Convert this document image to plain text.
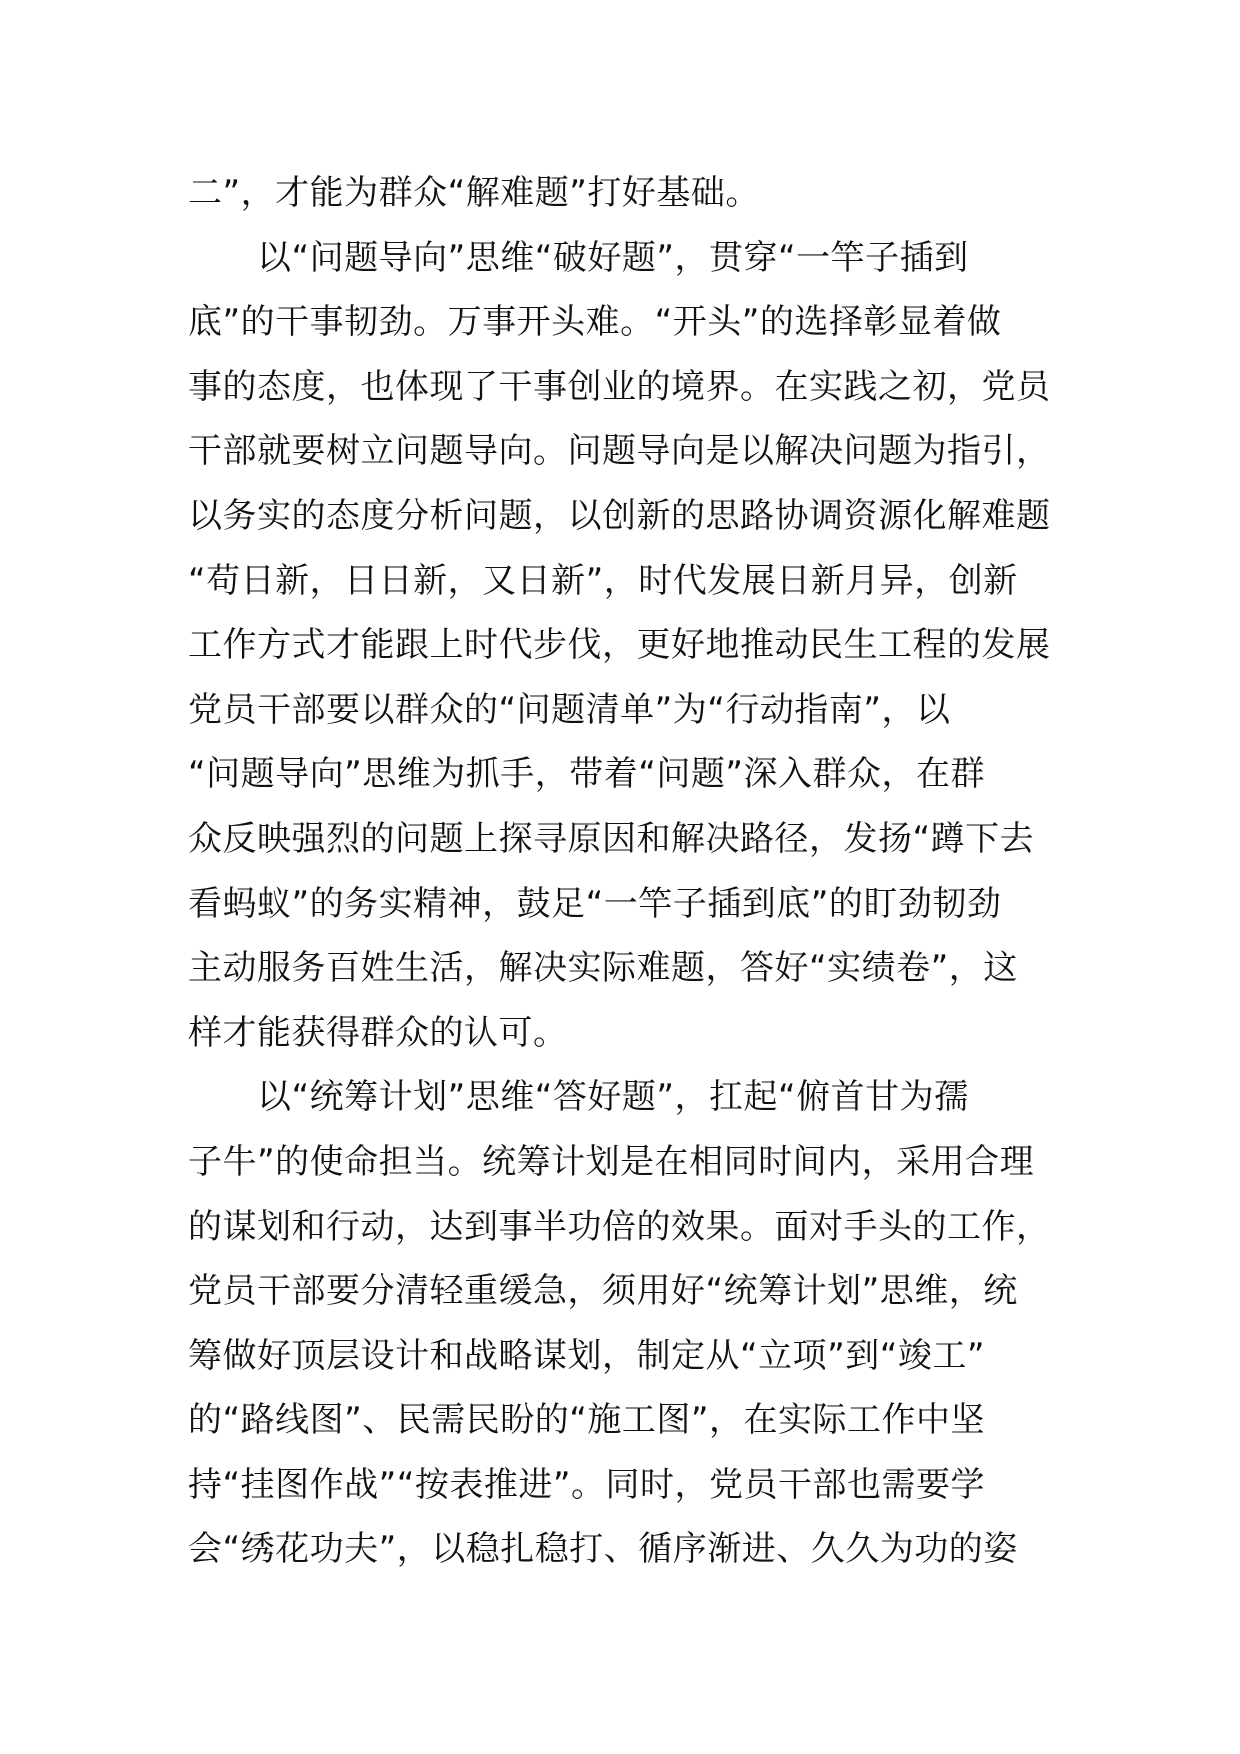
二”，才能为群众“解难题”打好基础。
　　以“问题导向”思维“破好题”，贯穿“一竿子插到
底”的干事韧劲。万事开头难。“开头”的选择彰显着做
事的态度，也体现了干事创业的境界。在实践之初，党员
干部就要树立问题导向。问题导向是以解决问题为指引，
以务实的态度分析问题，以创新的思路协调资源化解难题
“苟日新，日日新，又日新”，时代发展日新月异，创新
工作方式才能跟上时代步伐，更好地推动民生工程的发展
党员干部要以群众的“问题清单”为“行动指南”，以
“问题导向”思维为抓手，带着“问题”深入群众，在群
众反映强烈的问题上探寻原因和解决路径，发扬“蹲下去
看蚂蚁”的务实精神，鼓足“一竿子插到底”的盯劲韧劲
主动服务百姓生活，解决实际难题，答好“实绩卷”，这
样才能获得群众的认可。
　　以“统筹计划”思维“答好题”，扛起“俯首甘为孺
子牛”的使命担当。统筹计划是在相同时间内，采用合理
的谋划和行动，达到事半功倍的效果。面对手头的工作，
党员干部要分清轻重缓急，须用好“统筹计划”思维，统
筹做好顶层设计和战略谋划，制定从“立项”到“竣工”
的“路线图”、民需民盼的“施工图”，在实际工作中坚
持“挂图作战”“按表推进”。同时，党员干部也需要学
会“绣花功夫”，以稳扎稳打、循序渐进、久久为功的姿
